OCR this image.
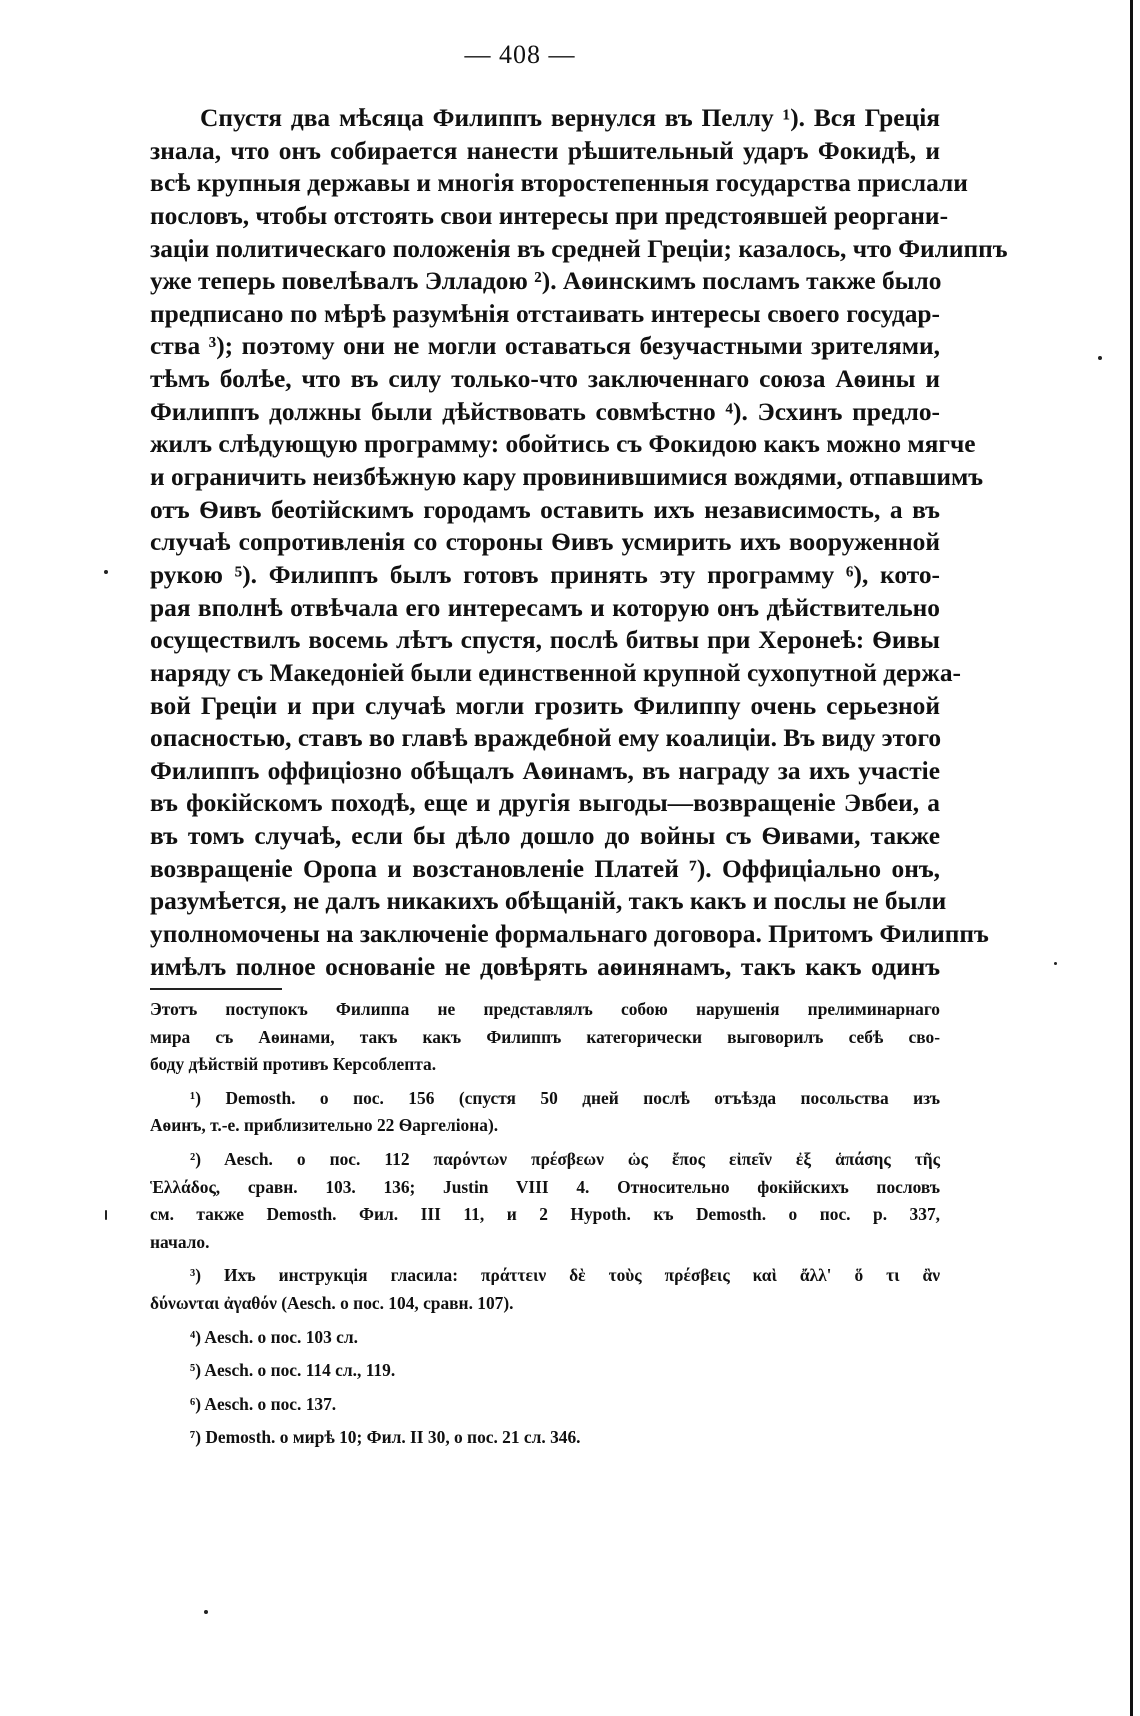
— 408 —
Спустя два мѣсяца Филиппъ вернулся въ Пеллу ¹). Вся Греція
знала, что онъ собирается нанести рѣшительный ударъ Фокидѣ, и
всѣ крупныя державы и многія второстепенныя государства прислали
пословъ, чтобы отстоять свои интересы при предстоявшей реоргани-
заціи политическаго положенія въ средней Греціи; казалось, что Филиппъ
уже теперь повелѣвалъ Элладою ²). Аѳинскимъ посламъ также было
предписано по мѣрѣ разумѣнія отстаивать интересы своего государ-
ства ³); поэтому они не могли оставаться безучастными зрителями,
тѣмъ болѣе, что въ силу только-что заключеннаго союза Аѳины и
Филиппъ должны были дѣйствовать совмѣстно ⁴). Эсхинъ предло-
жилъ слѣдующую программу: обойтись съ Фокидою какъ можно мягче
и ограничить неизбѣжную кару провинившимися вождями, отпавшимъ
отъ Ѳивъ беотійскимъ городамъ оставить ихъ независимость, а въ
случаѣ сопротивленія со стороны Ѳивъ усмирить ихъ вооруженной
рукою ⁵). Филиппъ былъ готовъ принять эту программу ⁶), кото-
рая вполнѣ отвѣчала его интересамъ и которую онъ дѣйствительно
осуществилъ восемь лѣтъ спустя, послѣ битвы при Херонеѣ: Ѳивы
наряду съ Македоніей были единственной крупной сухопутной держа-
вой Греціи и при случаѣ могли грозить Филиппу очень серьезной
опасностью, ставъ во главѣ враждебной ему коалиціи. Въ виду этого
Филиппъ оффиціозно обѣщалъ Аѳинамъ, въ награду за ихъ участіе
въ фокійскомъ походѣ, еще и другія выгоды—возвращеніе Эвбеи, а
въ томъ случаѣ, если бы дѣло дошло до войны съ Ѳивами, также
возвращеніе Оропа и возстановленіе Платей ⁷). Оффиціально онъ,
разумѣется, не далъ никакихъ обѣщаній, такъ какъ и послы не были
уполномочены на заключеніе формальнаго договора. Притомъ Филиппъ
имѣлъ полное основаніе не довѣрять аѳинянамъ, такъ какъ одинъ
Этотъ поступокъ Филиппа не представлялъ собою нарушенія прелиминарнаго
мира съ Аѳинами, такъ какъ Филиппъ категорически выговорилъ себѣ сво-
боду дѣйствій противъ Керсоблепта.
¹) Demosth. о пос. 156 (спустя 50 дней послѣ отъѣзда посольства изъ
Аѳинъ, т.-е. приблизительно 22 Ѳаргеліона).
²) Aesch. о пос. 112 παρόντων πρέσβεων ὡς ἔπος εἰπεῖν ἐξ ἁπάσης τῆς
Ἑλλάδος, сравн. 103. 136; Justin VIII 4. Относительно фокійскихъ пословъ
см. также Demosth. Фил. III 11, и 2 Hypoth. къ Demosth. о пос. р. 337,
начало.
³) Ихъ инструкція гласила: πράττειν δὲ τοὺς πρέσβεις καὶ ἄλλ' ὅ τι ἂν
δύνωνται ἀγαθόν (Aesch. о пос. 104, сравн. 107).
⁴) Aesch. о пос. 103 сл.
⁵) Aesch. о пос. 114 сл., 119.
⁶) Aesch. о пос. 137.
⁷) Demosth. о мирѣ 10; Фил. II 30, о пос. 21 сл. 346.
